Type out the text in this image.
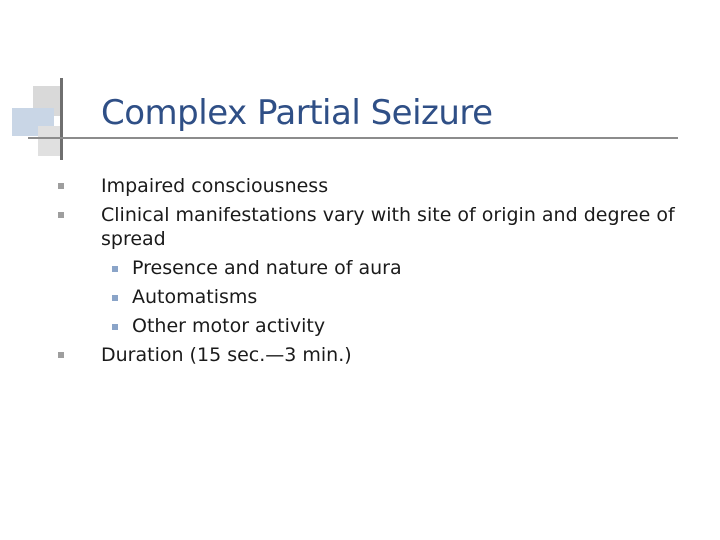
Complex Partial Seizure
Impaired consciousness
Clinical manifestations vary with site of origin and degree of
spread
Presence and nature of aura
Automatisms
Other motor activity
Duration (15 sec.—3 min.)
